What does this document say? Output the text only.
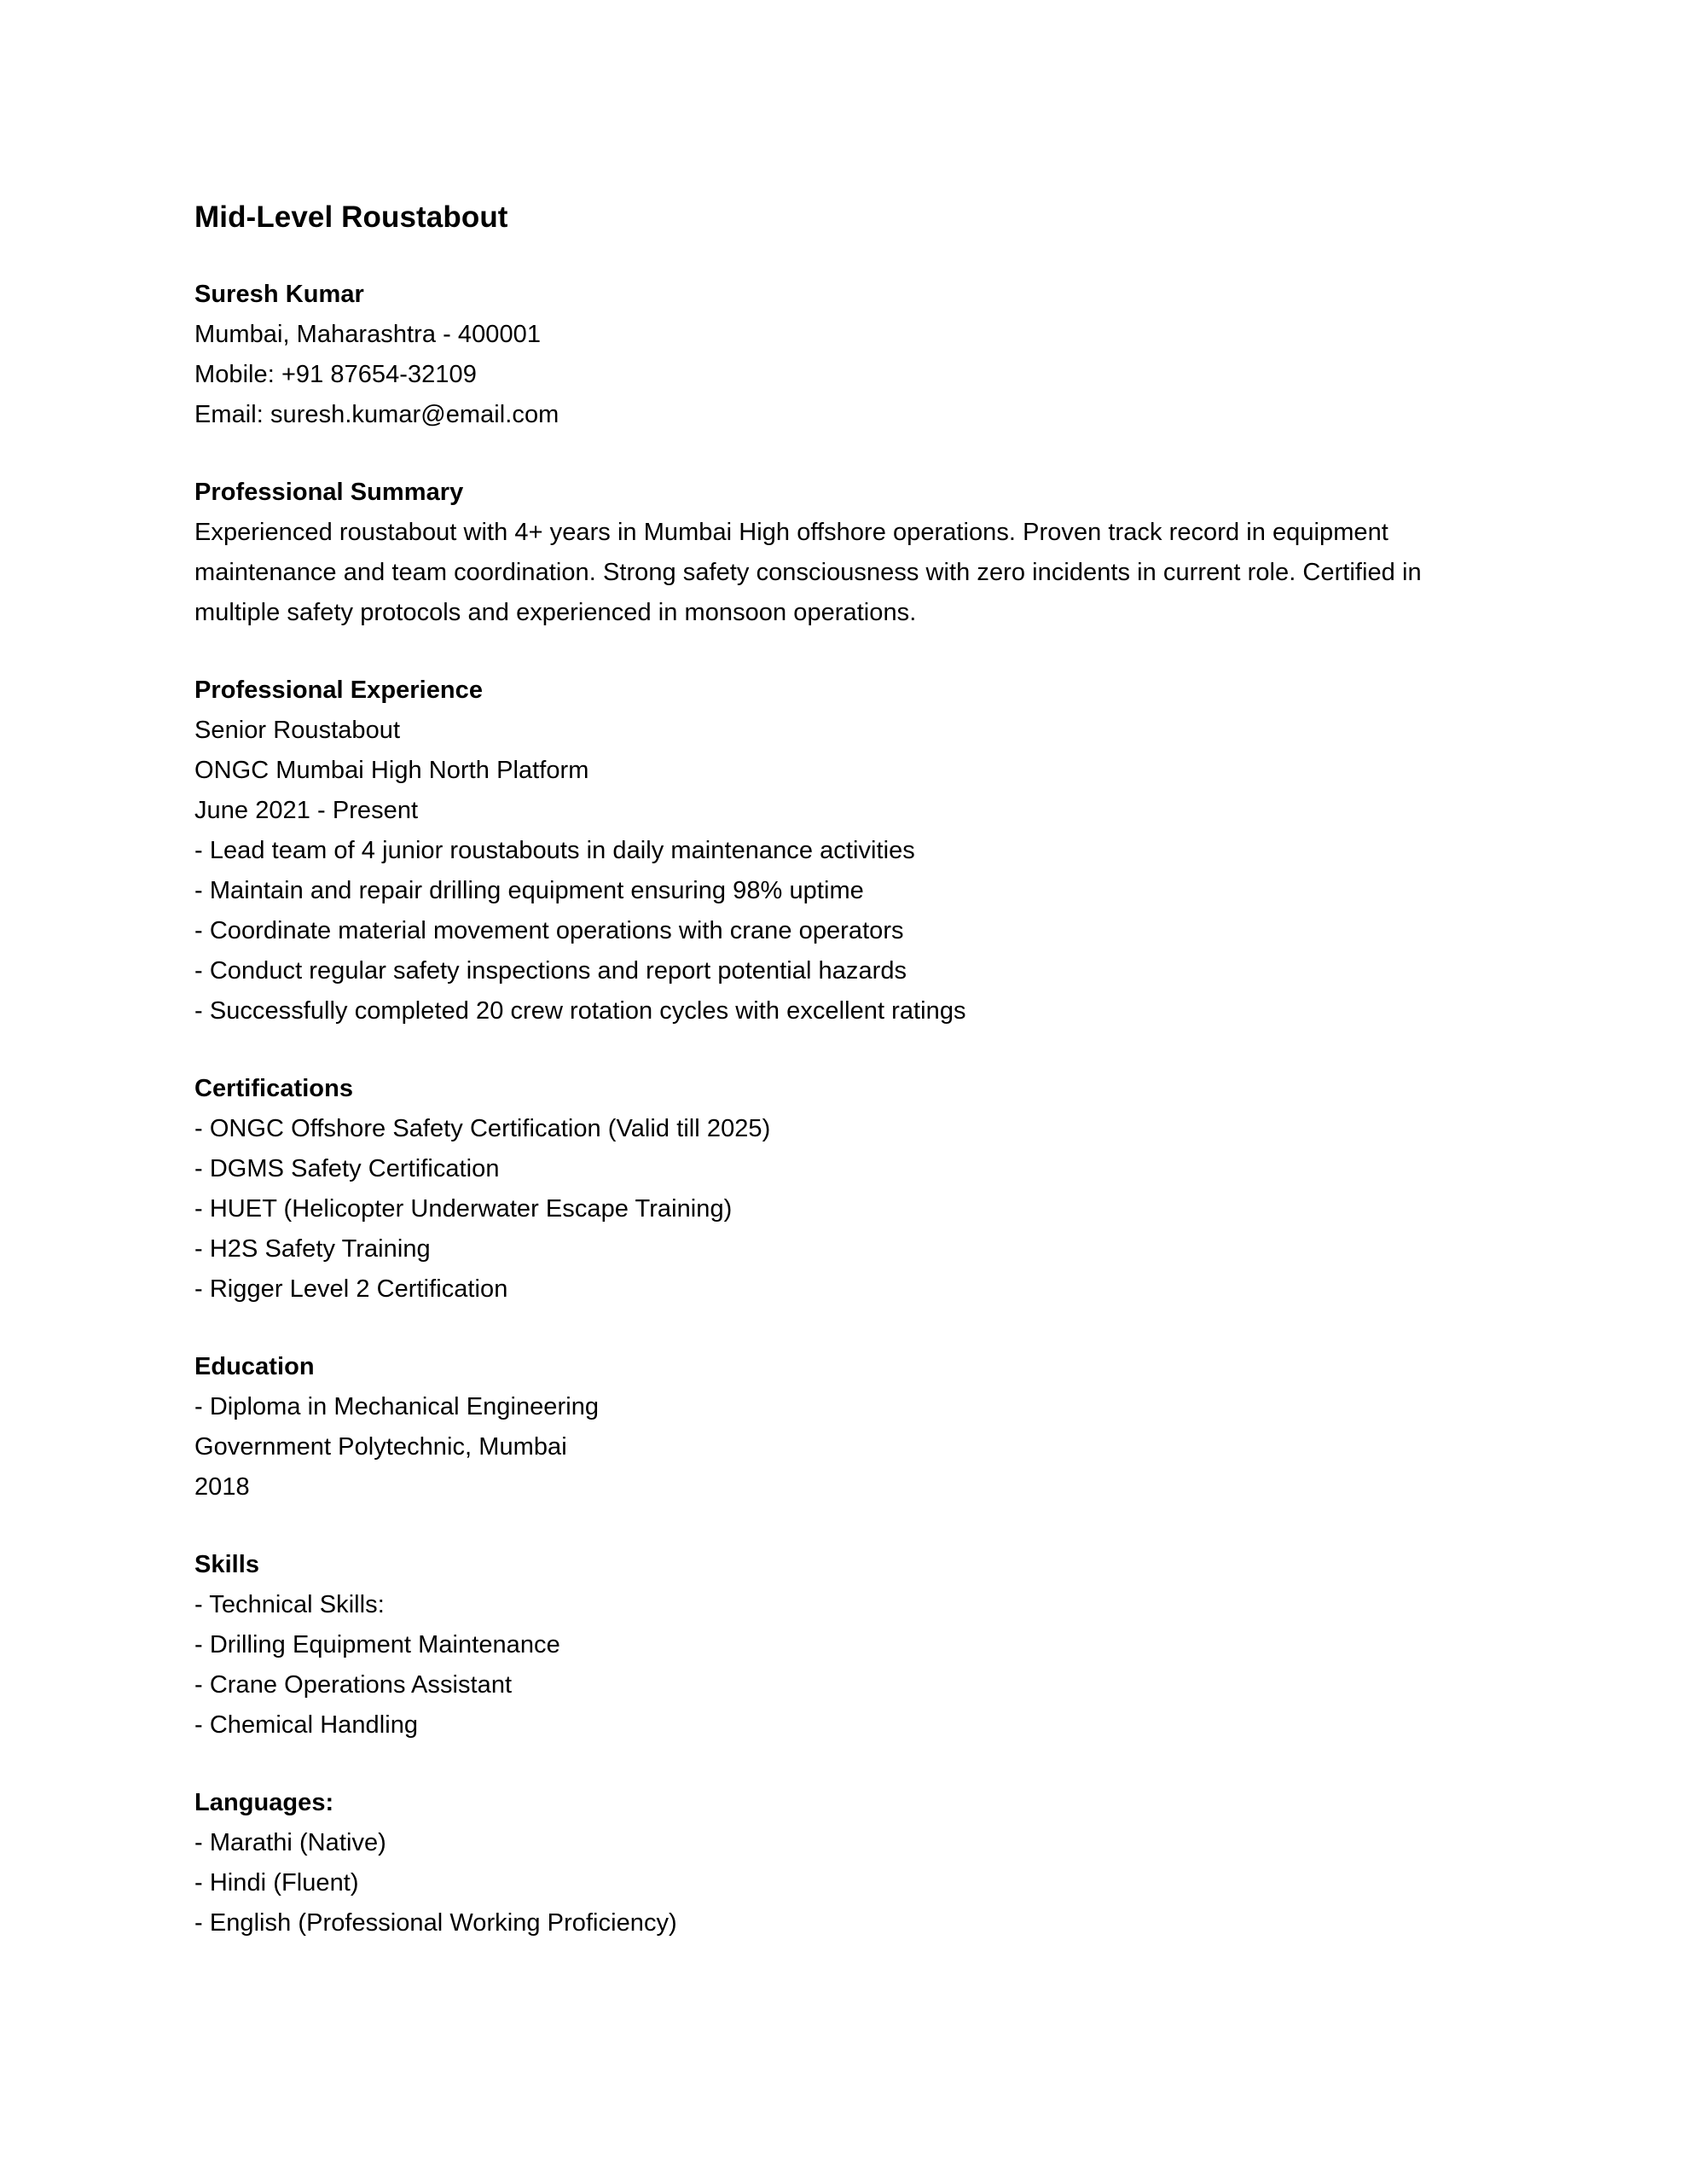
Mid-Level Roustabout
Suresh Kumar
Mumbai, Maharashtra - 400001
Mobile: +91 87654-32109
Email: suresh.kumar@email.com
Professional Summary
Experienced roustabout with 4+ years in Mumbai High offshore operations. Proven track record in equipment maintenance and team coordination. Strong safety consciousness with zero incidents in current role. Certified in multiple safety protocols and experienced in monsoon operations.
Professional Experience
Senior Roustabout
ONGC Mumbai High North Platform
June 2021 - Present
- Lead team of 4 junior roustabouts in daily maintenance activities
- Maintain and repair drilling equipment ensuring 98% uptime
- Coordinate material movement operations with crane operators
- Conduct regular safety inspections and report potential hazards
- Successfully completed 20 crew rotation cycles with excellent ratings
Certifications
- ONGC Offshore Safety Certification (Valid till 2025)
- DGMS Safety Certification
- HUET (Helicopter Underwater Escape Training)
- H2S Safety Training
- Rigger Level 2 Certification
Education
- Diploma in Mechanical Engineering
Government Polytechnic, Mumbai
2018
Skills
- Technical Skills:
- Drilling Equipment Maintenance
- Crane Operations Assistant
- Chemical Handling
Languages:
- Marathi (Native)
- Hindi (Fluent)
- English (Professional Working Proficiency)
